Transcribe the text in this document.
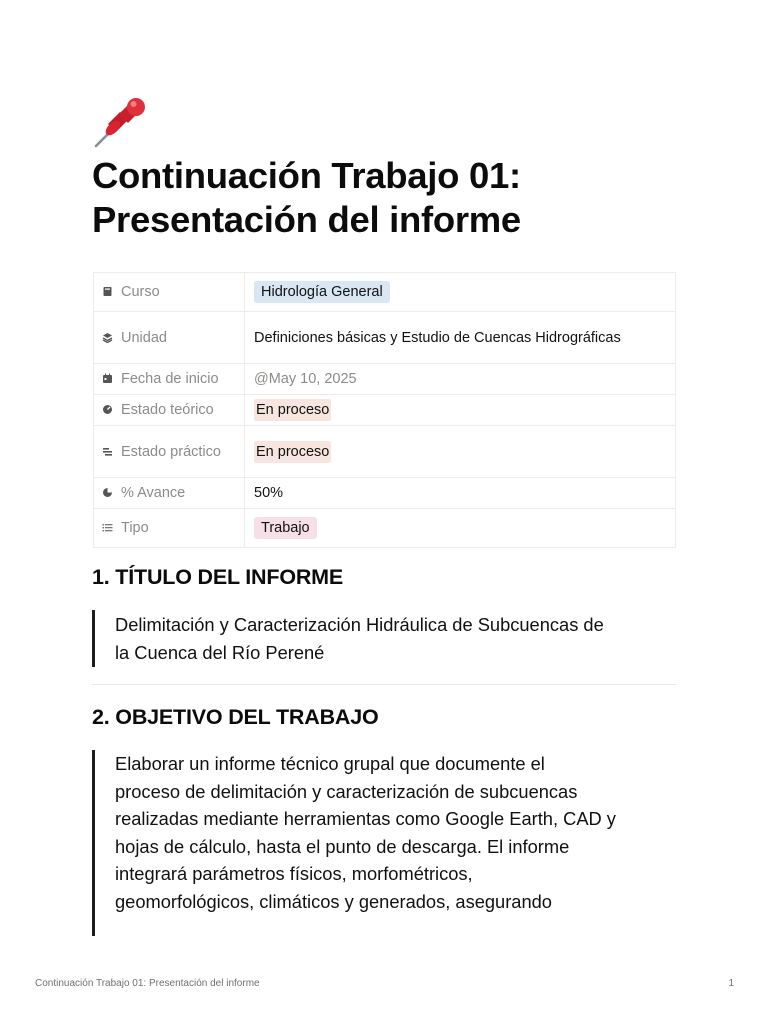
Continuación Trabajo 01:
Presentación del informe
Curso	Hidrología General

Unidad	Definiciones básicas y Estudio de Cuencas Hidrográficas

Fecha de inicio	@May 10, 2025

Estado teórico	En proceso

Estado práctico	En proceso

% Avance	50%

Tipo	Trabajo
1. TÍTULO DEL INFORME
Delimitación y Caracterización Hidráulica de Subcuencas de
la Cuenca del Río Perené
2. OBJETIVO DEL TRABAJO
Elaborar un informe técnico grupal que documente el
proceso de delimitación y caracterización de subcuencas
realizadas mediante herramientas como Google Earth, CAD y
hojas de cálculo, hasta el punto de descarga. El informe
integrará parámetros físicos, morfométricos,
geomorfológicos, climáticos y generados, asegurando
Continuación Trabajo 01: Presentación del informe	1
